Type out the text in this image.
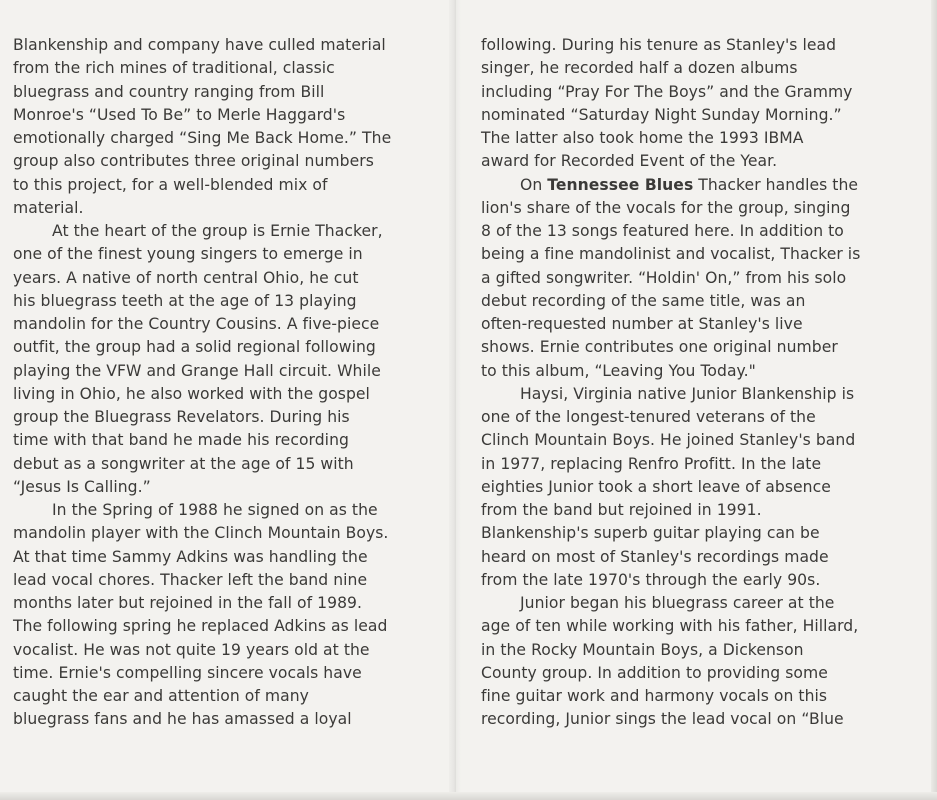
Blankenship and company have culled material
from the rich mines of traditional, classic
bluegrass and country ranging from Bill
Monroe's “Used To Be” to Merle Haggard's
emotionally charged “Sing Me Back Home.” The
group also contributes three original numbers
to this project, for a well-blended mix of
material.
At the heart of the group is Ernie Thacker,
one of the finest young singers to emerge in
years. A native of north central Ohio, he cut
his bluegrass teeth at the age of 13 playing
mandolin for the Country Cousins. A five-piece
outfit, the group had a solid regional following
playing the VFW and Grange Hall circuit. While
living in Ohio, he also worked with the gospel
group the Bluegrass Revelators. During his
time with that band he made his recording
debut as a songwriter at the age of 15 with
“Jesus Is Calling.”
In the Spring of 1988 he signed on as the
mandolin player with the Clinch Mountain Boys.
At that time Sammy Adkins was handling the
lead vocal chores. Thacker left the band nine
months later but rejoined in the fall of 1989.
The following spring he replaced Adkins as lead
vocalist. He was not quite 19 years old at the
time. Ernie's compelling sincere vocals have
caught the ear and attention of many
bluegrass fans and he has amassed a loyal
following. During his tenure as Stanley's lead
singer, he recorded half a dozen albums
including “Pray For The Boys” and the Grammy
nominated “Saturday Night Sunday Morning.”
The latter also took home the 1993 IBMA
award for Recorded Event of the Year.
On Tennessee Blues Thacker handles the
lion's share of the vocals for the group, singing
8 of the 13 songs featured here. In addition to
being a fine mandolinist and vocalist, Thacker is
a gifted songwriter. “Holdin' On,” from his solo
debut recording of the same title, was an
often-requested number at Stanley's live
shows. Ernie contributes one original number
to this album, “Leaving You Today."
Haysi, Virginia native Junior Blankenship is
one of the longest-tenured veterans of the
Clinch Mountain Boys. He joined Stanley's band
in 1977, replacing Renfro Profitt. In the late
eighties Junior took a short leave of absence
from the band but rejoined in 1991.
Blankenship's superb guitar playing can be
heard on most of Stanley's recordings made
from the late 1970's through the early 90s.
Junior began his bluegrass career at the
age of ten while working with his father, Hillard,
in the Rocky Mountain Boys, a Dickenson
County group. In addition to providing some
fine guitar work and harmony vocals on this
recording, Junior sings the lead vocal on “Blue
